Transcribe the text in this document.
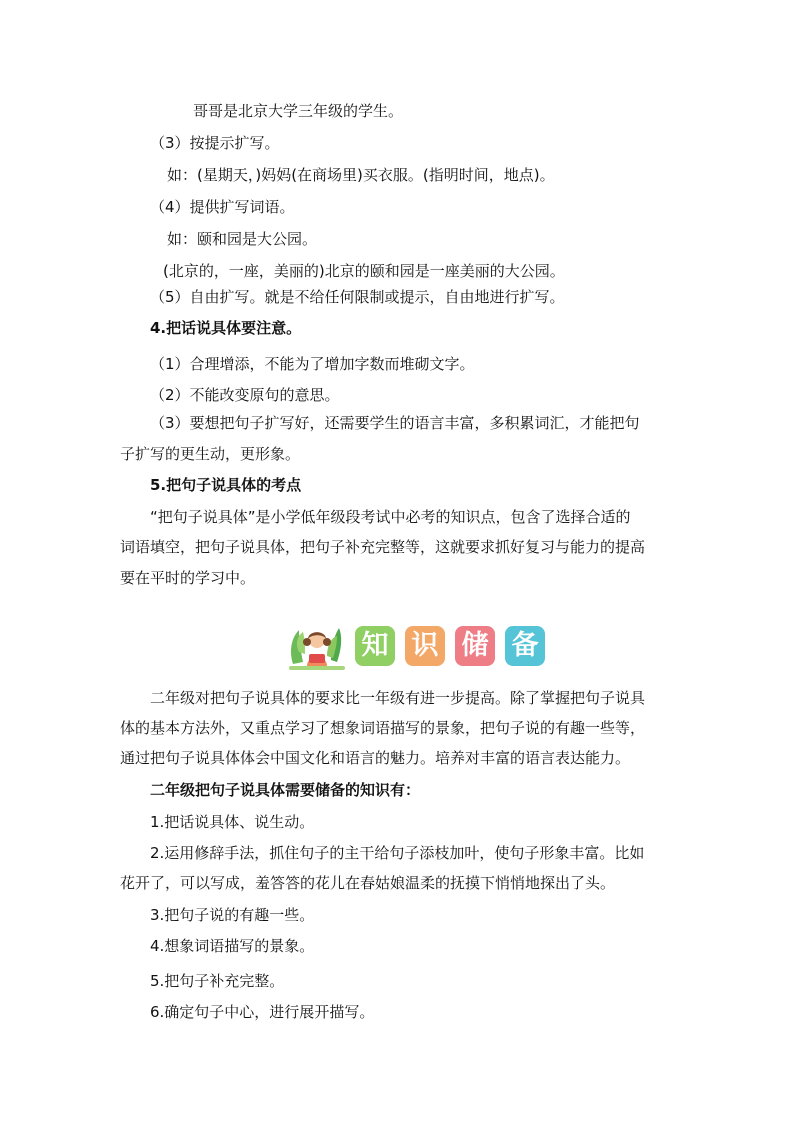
哥哥是北京大学三年级的学生。
（3）按提示扩写。
如：(星期天，)妈妈(在商场里)买衣服。(指明时间，地点)。
（4）提供扩写词语。
如：颐和园是大公园。
(北京的，一座，美丽的)北京的颐和园是一座美丽的大公园。
（5）自由扩写。就是不给任何限制或提示，自由地进行扩写。
4.把话说具体要注意。
（1）合理增添，不能为了增加字数而堆砌文字。
（2）不能改变原句的意思。
（3）要想把句子扩写好，还需要学生的语言丰富，多积累词汇，才能把句
子扩写的更生动，更形象。
5.把句子说具体的考点
“把句子说具体”是小学低年级段考试中必考的知识点，包含了选择合适的
词语填空，把句子说具体，把句子补充完整等，这就要求抓好复习与能力的提高
要在平时的学习中。
知 识 储 备
二年级对把句子说具体的要求比一年级有进一步提高。除了掌握把句子说具
体的基本方法外，又重点学习了想象词语描写的景象，把句子说的有趣一些等，
通过把句子说具体体会中国文化和语言的魅力。培养对丰富的语言表达能力。
二年级把句子说具体需要储备的知识有：
1.把话说具体、说生动。
2.运用修辞手法，抓住句子的主干给句子添枝加叶，使句子形象丰富。比如
花开了，可以写成，羞答答的花儿在春姑娘温柔的抚摸下悄悄地探出了头。
3.把句子说的有趣一些。
4.想象词语描写的景象。
5.把句子补充完整。
6.确定句子中心，进行展开描写。
